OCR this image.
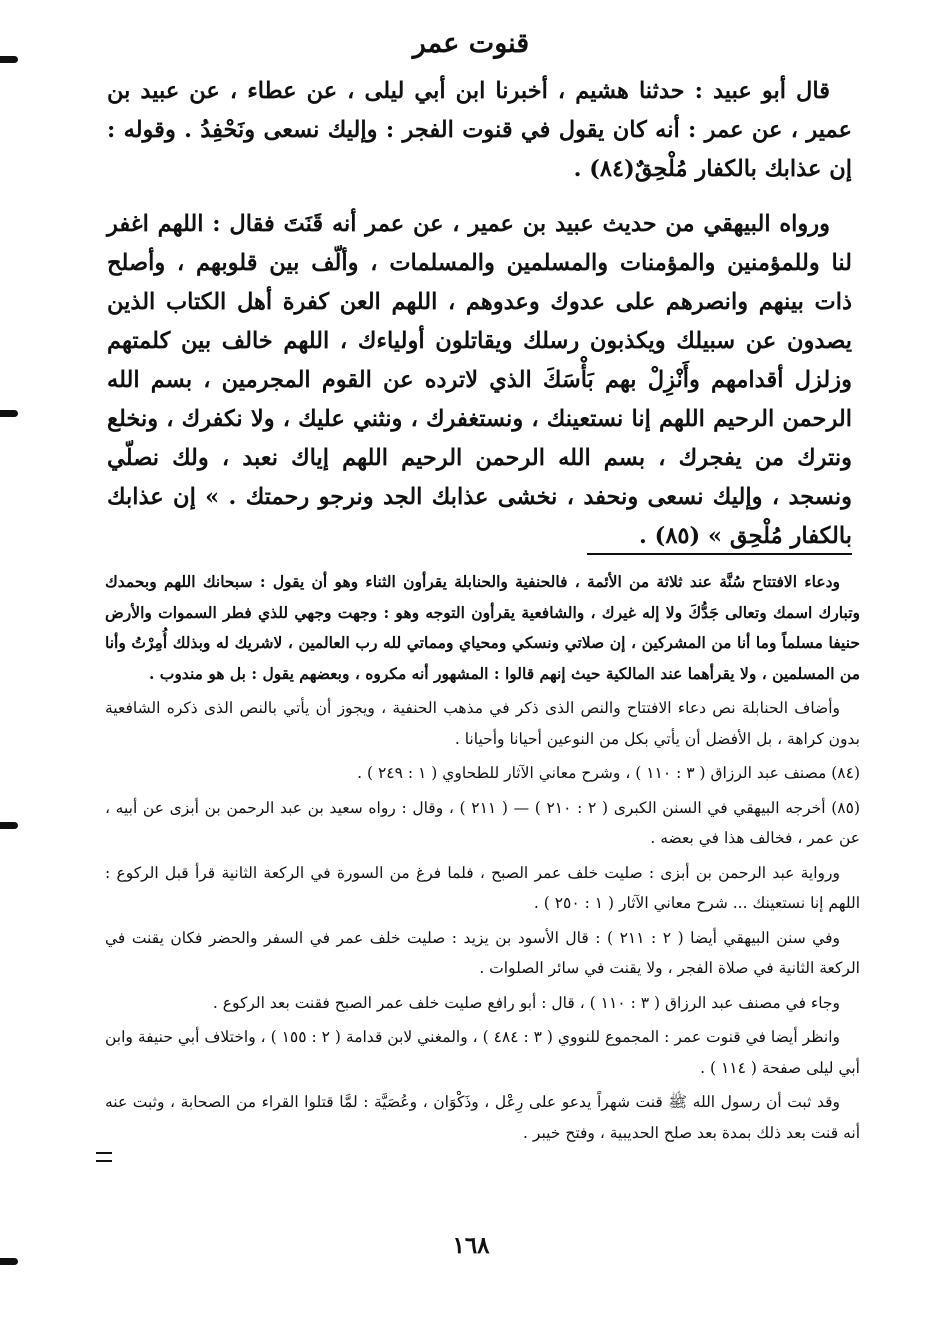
قنوت عمر

قال أبو عبيد : حدثنا هشيم ، أخبرنا ابن أبي ليلى ، عن عطاء ، عن عبيد بن عمير ، عن عمر : أنه كان يقول في قنوت الفجر : وإليك نسعى ونَحْفِدُ . وقوله : إن عذابك بالكفار مُلْحِقٌ(٨٤) .

ورواه البيهقي من حديث عبيد بن عمير ، عن عمر أنه قَنَتَ فقال : اللهم اغفر لنا وللمؤمنين والمؤمنات والمسلمين والمسلمات ، وألّف بين قلوبهم ، وأصلح ذات بينهم وانصرهم على عدوك وعدوهم ، اللهم العن كفرة أهل الكتاب الذين يصدون عن سبيلك ويكذبون رسلك ويقاتلون أولياءك ، اللهم خالف بين كلمتهم وزلزل أقدامهم وأَنْزِلْ بهم بَأْسَكَ الذي لاترده عن القوم المجرمين ، بسم الله الرحمن الرحيم اللهم إنا نستعينك ، ونستغفرك ، ونثني عليك ، ولا نكفرك ، ونخلع ونترك من يفجرك ، بسم الله الرحمن الرحيم اللهم إياك نعبد ، ولك نصلّي ونسجد ، وإليك نسعى ونحفد ، نخشى عذابك الجد ونرجو رحمتك . » إن عذابك بالكفار مُلْحِق » (٨٥) .

ودعاء الافتتاح سُنَّة عند ثلاثة من الأئمة ، فالحنفية والحنابلة يقرأون الثناء وهو أن يقول : سبحانك اللهم وبحمدك وتبارك اسمك وتعالى جَدُّكَ ولا إله غيرك ، والشافعية يقرأون التوجه وهو : وجهت وجهي للذي فطر السموات والأرض حنيفا مسلماً وما أنا من المشركين ، إن صلاتي ونسكي ومحياي ومماتي لله رب العالمين ، لاشريك له وبذلك أُمِرْتُ وأنا من المسلمين ، ولا يقرأهما عند المالكية حيث إنهم قالوا : المشهور أنه مكروه ، وبعضهم يقول : بل هو مندوب .

وأضاف الحنابلة نص دعاء الافتتاح والنص الذى ذكر في مذهب الحنفية ، ويجوز أن يأتي بالنص الذى ذكره الشافعية بدون كراهة ، بل الأفضل أن يأتي بكل من النوعين أحيانا وأحيانا .

(٨٤) مصنف عبد الرزاق ( ٣ : ١١٠ ) ، وشرح معاني الآثار للطحاوي ( ١ : ٢٤٩ ) .

(٨٥) أخرجه البيهقي في السنن الكبرى ( ٢ : ٢١٠ ) — ( ٢١١ ) ، وقال : رواه سعيد بن عبد الرحمن بن أبزى عن أبيه ، عن عمر ، فخالف هذا في بعضه .

ورواية عبد الرحمن بن أبزى : صليت خلف عمر الصبح ، فلما فرغ من السورة في الركعة الثانية قرأ قبل الركوع : اللهم إنا نستعينك ... شرح معاني الآثار ( ١ : ٢٥٠ ) .

وفي سنن البيهقي أيضا ( ٢ : ٢١١ ) : قال الأسود بن يزيد : صليت خلف عمر في السفر والحضر فكان يقنت في الركعة الثانية في صلاة الفجر ، ولا يقنت في سائر الصلوات .

وجاء في مصنف عبد الرزاق ( ٣ : ١١٠ ) ، قال : أبو رافع صليت خلف عمر الصبح فقنت بعد الركوع .

وانظر أيضا في قنوت عمر : المجموع للنووي ( ٣ : ٤٨٤ ) ، والمغني لابن قدامة ( ٢ : ١٥٥ ) ، واختلاف أبي حنيفة وابن أبي ليلى صفحة ( ١١٤ ) .

وقد ثبت أن رسول الله ﷺ قنت شهراً يدعو على رِعْل ، وذَكْوَان ، وعُصَيَّة : لمَّا قتلوا القراء من الصحابة ، وثبت عنه أنه قنت بعد ذلك بمدة بعد صلح الحديبية ، وفتح خيبر .

١٦٨
